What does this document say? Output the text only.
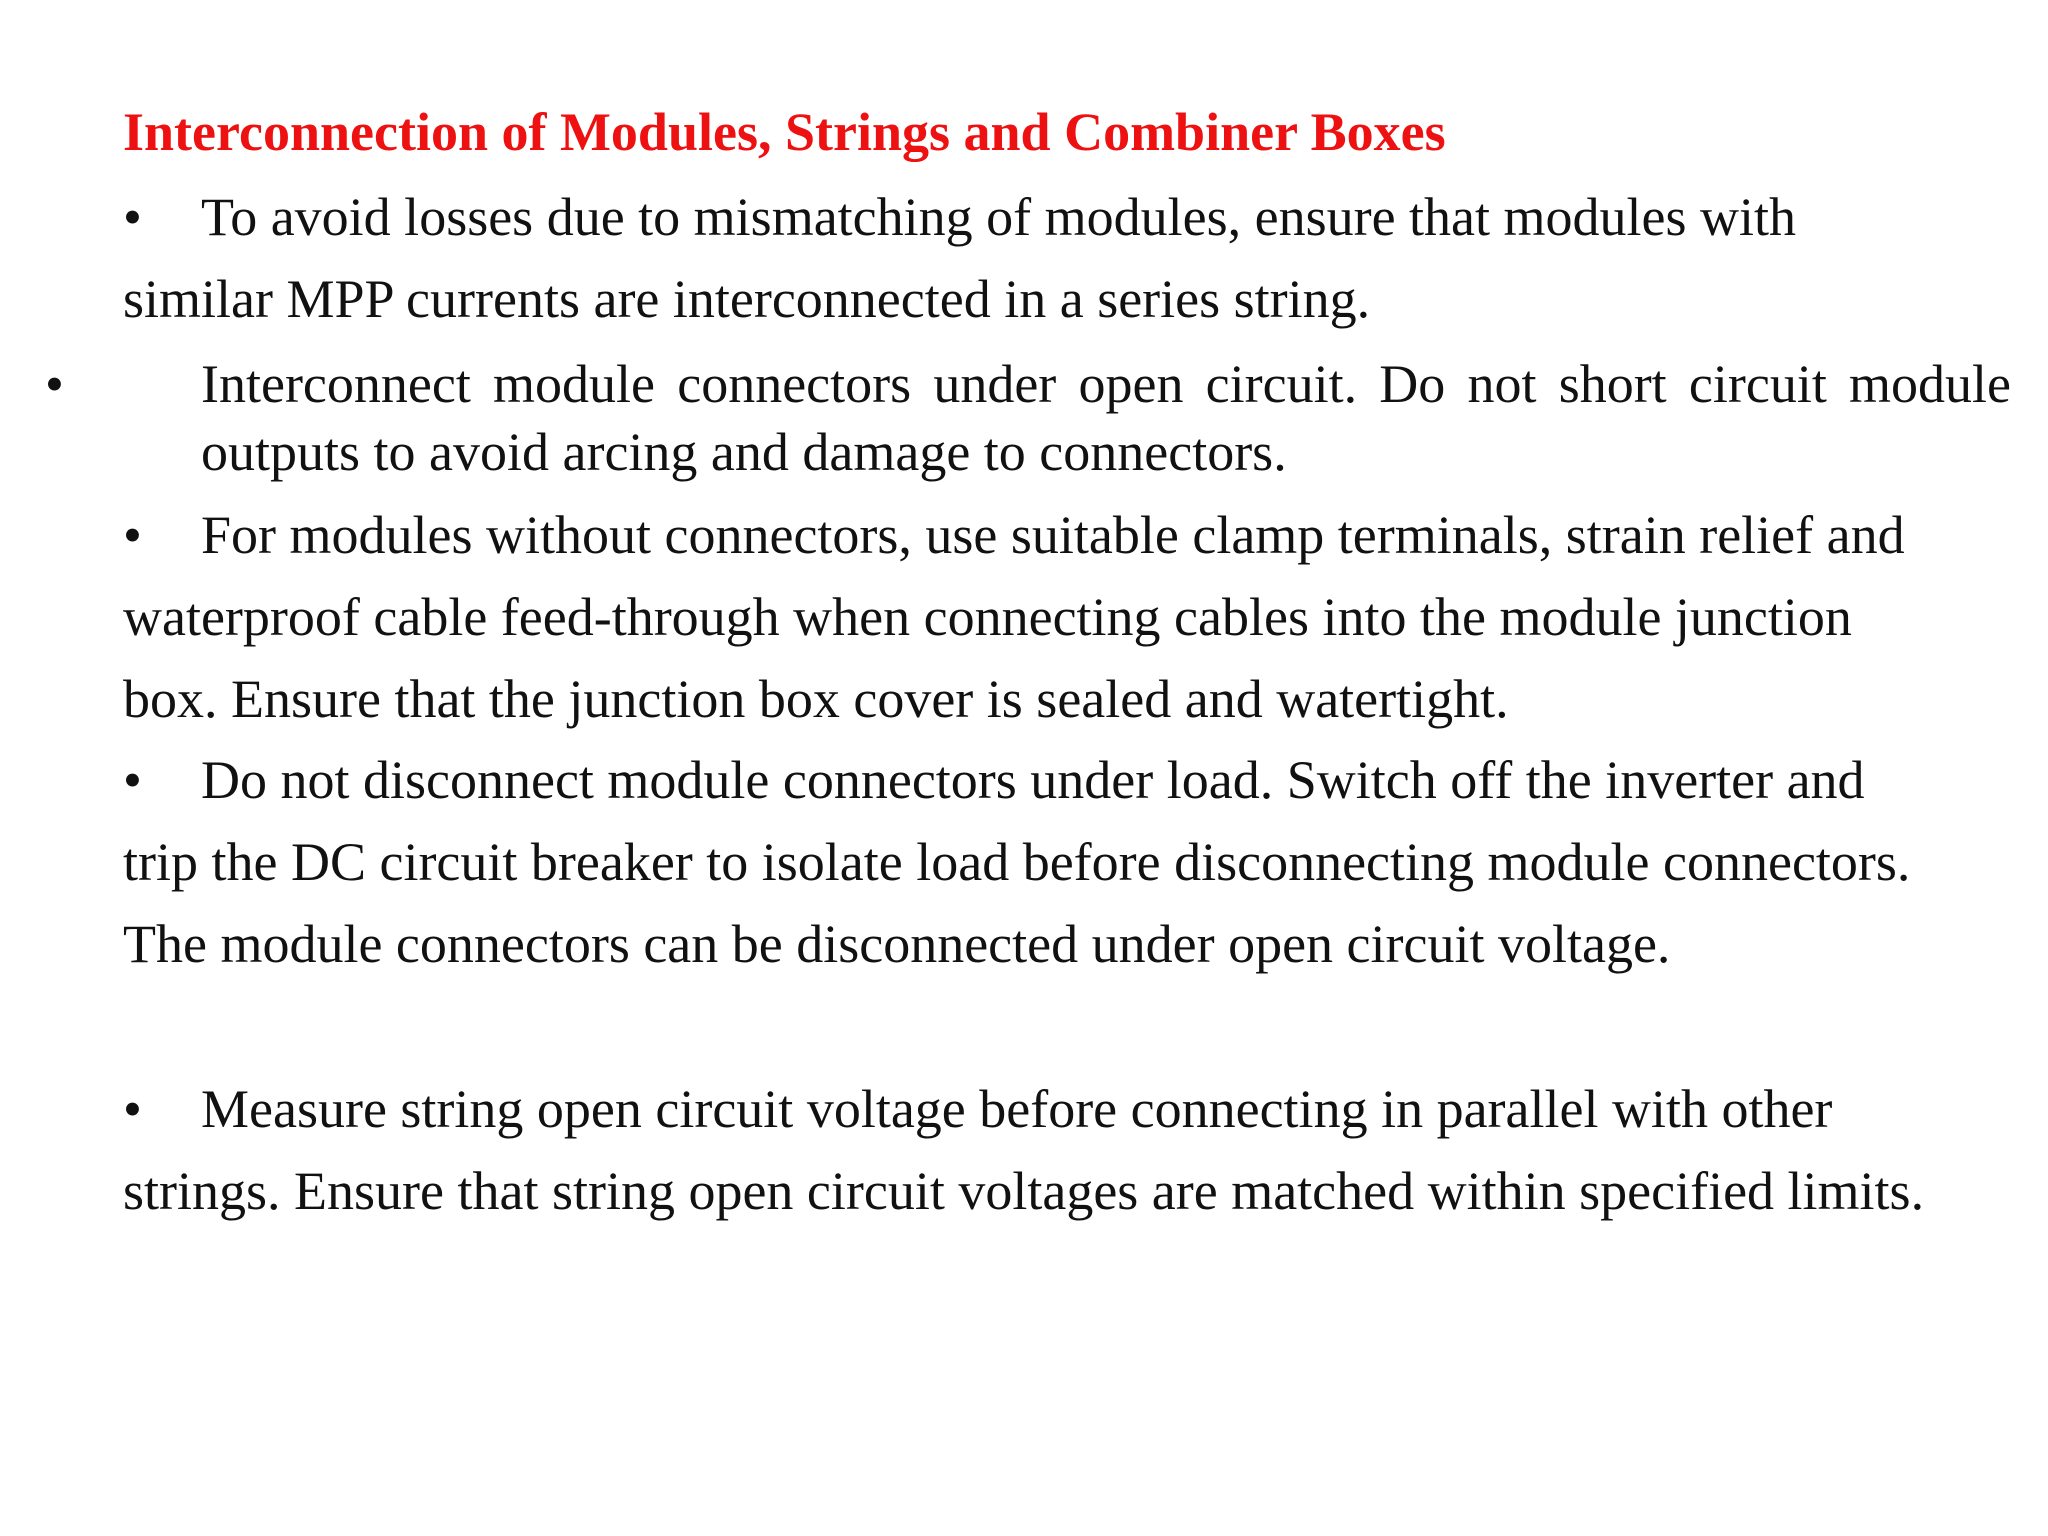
Interconnection of Modules, Strings and Combiner Boxes

• To avoid losses due to mismatching of modules, ensure that modules with similar MPP currents are interconnected in a series string.

•	Interconnect module connectors under open circuit. Do not short circuit module outputs to avoid arcing and damage to connectors.

• For modules without connectors, use suitable clamp terminals, strain relief and waterproof cable feed-through when connecting cables into the module junction box. Ensure that the junction box cover is sealed and watertight.

• Do not disconnect module connectors under load. Switch off the inverter and trip the DC circuit breaker to isolate load before disconnecting module connectors. The module connectors can be disconnected under open circuit voltage.

• Measure string open circuit voltage before connecting in parallel with other strings. Ensure that string open circuit voltages are matched within specified limits.
